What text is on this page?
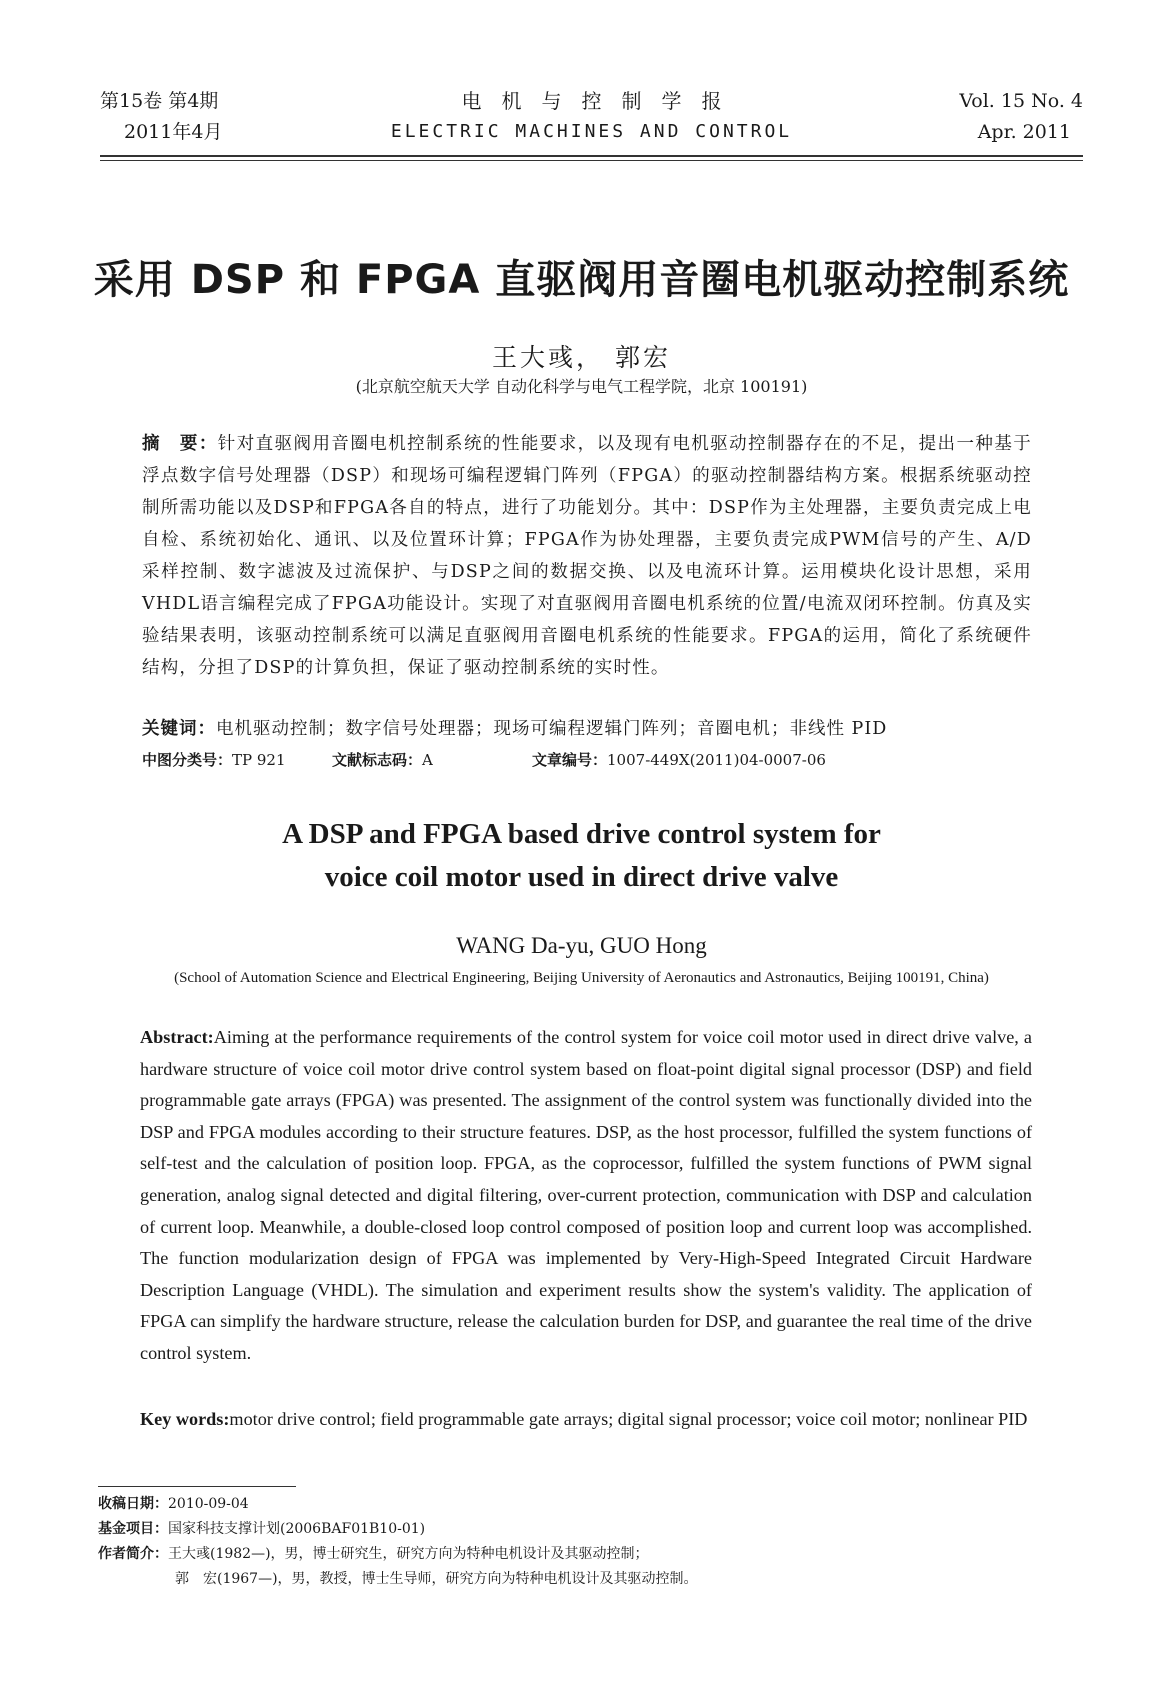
第15卷 第4期
2011年4月
电机与控制学报
ELECTRIC MACHINES AND CONTROL
Vol. 15 No. 4
Apr. 2011
采用 DSP 和 FPGA 直驱阀用音圈电机驱动控制系统
王大彧， 郭宏
(北京航空航天大学 自动化科学与电气工程学院，北京 100191)
摘　要：针对直驱阀用音圈电机控制系统的性能要求，以及现有电机驱动控制器存在的不足，提出一种基于浮点数字信号处理器（DSP）和现场可编程逻辑门阵列（FPGA）的驱动控制器结构方案。根据系统驱动控制所需功能以及DSP和FPGA各自的特点，进行了功能划分。其中：DSP作为主处理器，主要负责完成上电自检、系统初始化、通讯、以及位置环计算；FPGA作为协处理器，主要负责完成PWM信号的产生、A/D采样控制、数字滤波及过流保护、与DSP之间的数据交换、以及电流环计算。运用模块化设计思想，采用VHDL语言编程完成了FPGA功能设计。实现了对直驱阀用音圈电机系统的位置/电流双闭环控制。仿真及实验结果表明，该驱动控制系统可以满足直驱阀用音圈电机系统的性能要求。FPGA的运用，简化了系统硬件结构，分担了DSP的计算负担，保证了驱动控制系统的实时性。
关键词：电机驱动控制；数字信号处理器；现场可编程逻辑门阵列；音圈电机；非线性 PID
中图分类号：TP 921	文献标志码：A	文章编号：1007-449X(2011)04-0007-06
A DSP and FPGA based drive control system for voice coil motor used in direct drive valve
WANG Da-yu, GUO Hong
(School of Automation Science and Electrical Engineering, Beijing University of Aeronautics and Astronautics, Beijing 100191, China)
Abstract:Aiming at the performance requirements of the control system for voice coil motor used in direct drive valve, a hardware structure of voice coil motor drive control system based on float-point digital signal processor (DSP) and field programmable gate arrays (FPGA) was presented. The assignment of the control system was functionally divided into the DSP and FPGA modules according to their structure features. DSP, as the host processor, fulfilled the system functions of self-test and the calculation of position loop. FPGA, as the coprocessor, fulfilled the system functions of PWM signal generation, analog signal detected and digital filtering, over-current protection, communication with DSP and calculation of current loop. Meanwhile, a double-closed loop control composed of position loop and current loop was accomplished. The function modularization design of FPGA was implemented by Very-High-Speed Integrated Circuit Hardware Description Language (VHDL). The simulation and experiment results show the system's validity. The application of FPGA can simplify the hardware structure, release the calculation burden for DSP, and guarantee the real time of the drive control system.
Key words:motor drive control; field programmable gate arrays; digital signal processor; voice coil motor; nonlinear PID
收稿日期：2010-09-04
基金项目：国家科技支撑计划(2006BAF01B10-01)
作者简介：王大彧(1982—)，男，博士研究生，研究方向为特种电机设计及其驱动控制；
郭　宏(1967—)，男，教授，博士生导师，研究方向为特种电机设计及其驱动控制。
